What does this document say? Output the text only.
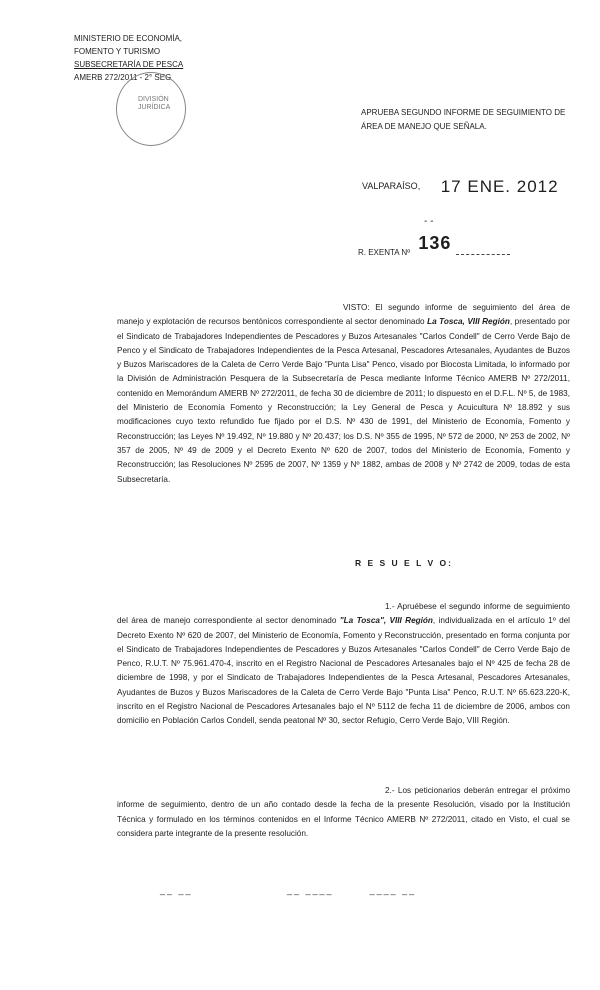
MINISTERIO DE ECONOMÍA,
FOMENTO Y TURISMO
SUBSECRETARÍA DE PESCA
AMERB 272/2011 - 2° SEG
DIVISIÓN
JURÍDICA
APRUEBA SEGUNDO INFORME DE SEGUIMIENTO DE ÁREA DE MANEJO QUE SEÑALA.
VALPARAÍSO, 17 ENE. 2012
- -
R. EXENTA Nº 136
VISTO: El segundo informe de seguimiento del área de manejo y explotación de recursos bentónicos correspondiente al sector denominado La Tosca, VIII Región, presentado por el Sindicato de Trabajadores Independientes de Pescadores y Buzos Artesanales "Carlos Condell" de Cerro Verde Bajo de Penco y el Sindicato de Trabajadores Independientes de la Pesca Artesanal, Pescadores Artesanales, Ayudantes de Buzos y Buzos Mariscadores de la Caleta de Cerro Verde Bajo "Punta Lisa" Penco, visado por Biocosta Limitada, lo informado por la División de Administración Pesquera de la Subsecretaría de Pesca mediante Informe Técnico AMERB Nº 272/2011, contenido en Memorándum AMERB Nº 272/2011, de fecha 30 de diciembre de 2011; lo dispuesto en el D.F.L. Nº 5, de 1983, del Ministerio de Economía Fomento y Reconstrucción; la Ley General de Pesca y Acuicultura Nº 18.892 y sus modificaciones cuyo texto refundido fue fijado por el D.S. Nº 430 de 1991, del Ministerio de Economía, Fomento y Reconstrucción; las Leyes Nº 19.492, Nº 19.880 y Nº 20.437; los D.S. Nº 355 de 1995, Nº 572 de 2000, Nº 253 de 2002, Nº 357 de 2005, Nº 49 de 2009 y el Decreto Exento Nº 620 de 2007, todos del Ministerio de Economía, Fomento y Reconstrucción; las Resoluciones Nº 2595 de 2007, Nº 1359 y Nº 1882, ambas de 2008 y Nº 2742 de 2009, todas de esta Subsecretaría.
R E S U E L V O:
1.- Apruébese el segundo informe de seguimiento del área de manejo correspondiente al sector denominado "La Tosca", VIII Región, individualizada en el artículo 1º del Decreto Exento Nº 620 de 2007, del Ministerio de Economía, Fomento y Reconstrucción, presentado en forma conjunta por el Sindicato de Trabajadores Independientes de Pescadores y Buzos Artesanales "Carlos Condell" de Cerro Verde Bajo de Penco, R.U.T. Nº 75.961.470-4, inscrito en el Registro Nacional de Pescadores Artesanales bajo el Nº 425 de fecha 28 de diciembre de 1998, y por el Sindicato de Trabajadores Independientes de la Pesca Artesanal, Pescadores Artesanales, Ayudantes de Buzos y Buzos Mariscadores de la Caleta de Cerro Verde Bajo "Punta Lisa" Penco, R.U.T. Nº 65.623.220-K, inscrito en el Registro Nacional de Pescadores Artesanales bajo el Nº 5112 de fecha 11 de diciembre de 2006, ambos con domicilio en Población Carlos Condell, senda peatonal Nº 30, sector Refugio, Cerro Verde Bajo, VIII Región.
2.- Los peticionarios deberán entregar el próximo informe de seguimiento, dentro de un año contado desde la fecha de la presente Resolución, visado por la Institución Técnica y formulado en los términos contenidos en el Informe Técnico AMERB Nº 272/2011, citado en Visto, el cual se considera parte integrante de la presente resolución.
__ __                     __ ____        ____ __
